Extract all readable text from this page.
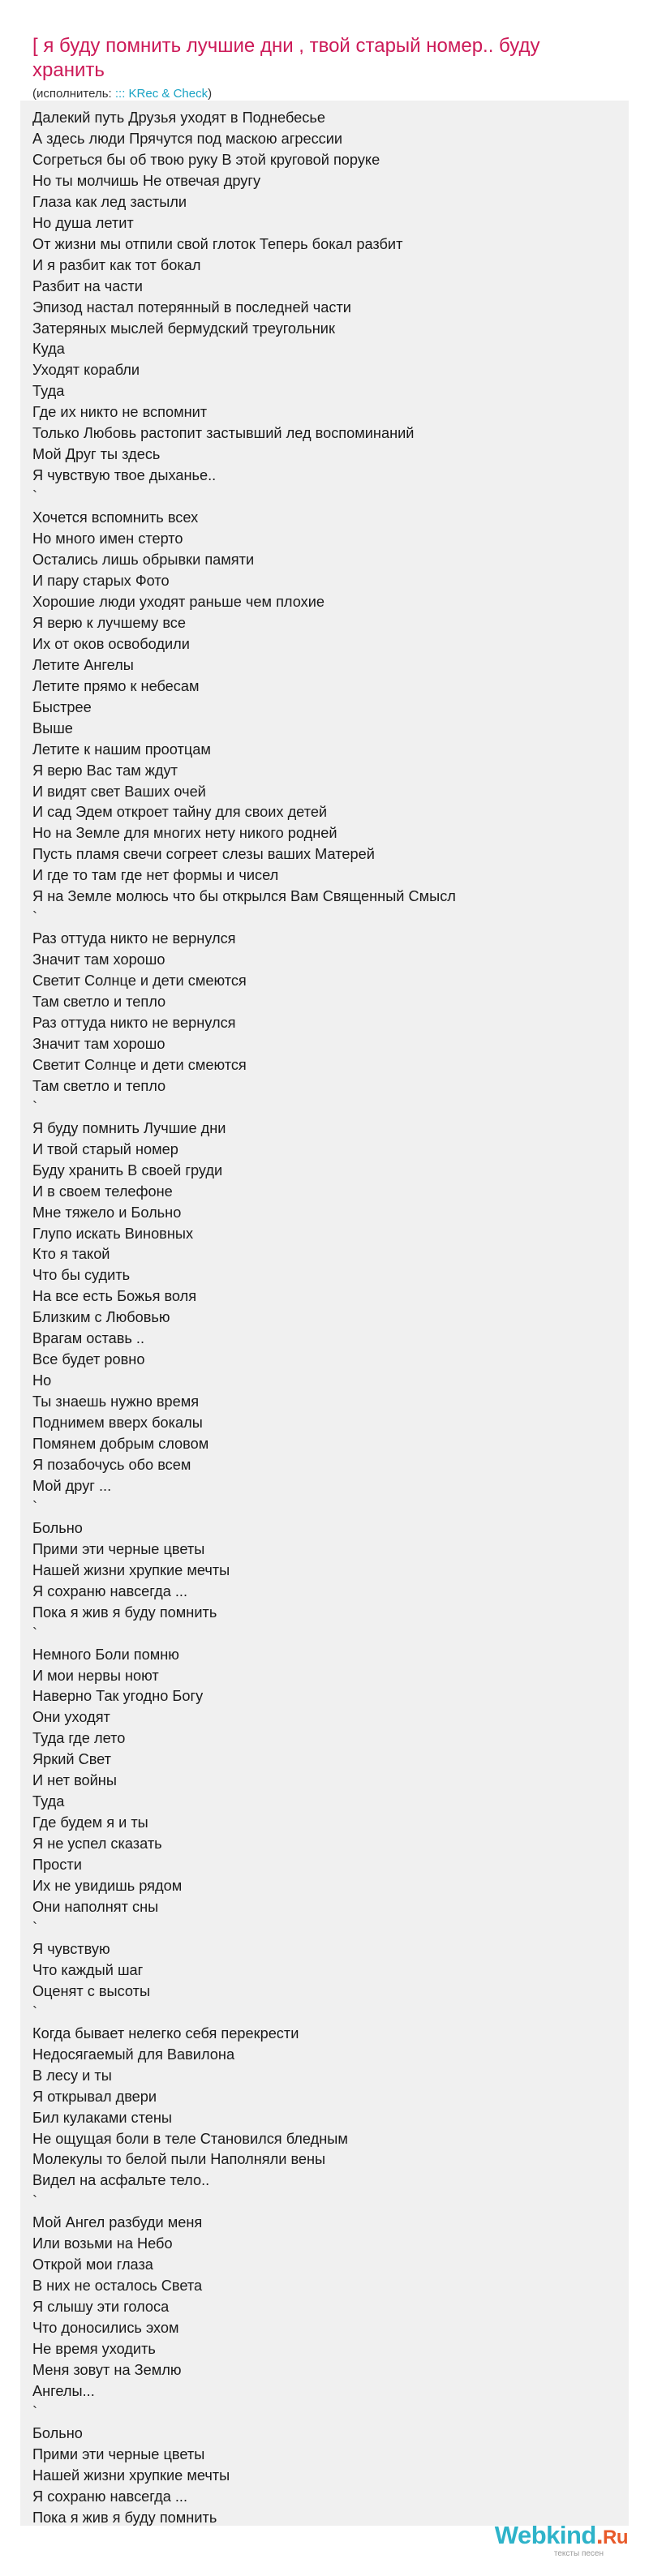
[ я буду помнить лучшие дни , твой старый номер.. буду хранить
(исполнитель: ::: KRec & Check)
Далекий путь Друзья уходят в Поднебесье
А здесь люди Прячутся под маскою агрессии
Согреться бы об твою руку В этой круговой поруке
Но ты молчишь Не отвечая другу
Глаза как лед застыли
Но душа летит
От жизни мы отпили свой глоток Теперь бокал разбит
И я разбит как тот бокал
Разбит на части
Эпизод настал потерянный в последней части
Затеряных мыслей бермудский треугольник
Куда
Уходят корабли
Туда
Где их никто не вспомнит
Только Любовь растопит застывший лед воспоминаний
Мой Друг ты здесь
Я чувствую твое дыханье..
`
Хочется вспомнить всех
Но много имен стерто
Остались лишь обрывки памяти
И пару старых Фото
Хорошие люди уходят раньше чем плохие
Я верю к лучшему все
Их от оков освободили
Летите Ангелы
Летите прямо к небесам
Быстрее
Выше
Летите к нашим проотцам
Я верю Вас там ждут
И видят свет Ваших очей
И сад Эдем откроет тайну для своих детей
Но на Земле для многих нету никого родней
Пусть пламя свечи согреет слезы ваших Матерей
И где то там где нет формы и чисел
Я на Земле молюсь что бы открылся Вам Священный Смысл
`
Раз оттуда никто не вернулся
Значит там хорошо
Светит Солнце и дети смеются
Там светло и тепло
Раз оттуда никто не вернулся
Значит там хорошо
Светит Солнце и дети смеются
Там светло и тепло
`
Я буду помнить Лучшие дни
И твой старый номер
Буду хранить В своей груди
И в своем телефоне
Мне тяжело и Больно
Глупо искать Виновных
Кто я такой
Что бы судить
На все есть Божья воля
Близким с Любовью
Врагам оставь ..
Все будет ровно
Но
Ты знаешь нужно время
Поднимем вверх бокалы
Помянем добрым словом
Я позабочусь обо всем
Мой друг ...
`
Больно
Прими эти черные цветы
Нашей жизни хрупкие мечты
Я сохраню навсегда ...
Пока я жив я буду помнить
`
Немного Боли помню
И мои нервы ноют
Наверно Так угодно Богу
Они уходят
Туда где лето
Яркий Свет
И нет войны
Туда
Где будем я и ты
Я не успел сказать
Прости
Их не увидишь рядом
Они наполнят сны
`
Я чувствую
Что каждый шаг
Оценят с высоты
`
Когда бывает нелегко себя перекрести
Недосягаемый для Вавилона
В лесу и ты
Я открывал двери
Бил кулаками стены
Не ощущая боли в теле Становился бледным
Молекулы то белой пыли Наполняли вены
Видел на асфальте тело..
`
Мой Ангел разбуди меня
Или возьми на Небо
Открой мои глаза
В них не осталось Света
Я слышу эти голоса
Что доносились эхом
Не время уходить
Меня зовут на Землю
Ангелы...
`
Больно
Прими эти черные цветы
Нашей жизни хрупкие мечты
Я сохраню навсегда ...
Пока я жив я буду помнить
Webkind.Ru
тексты песен
